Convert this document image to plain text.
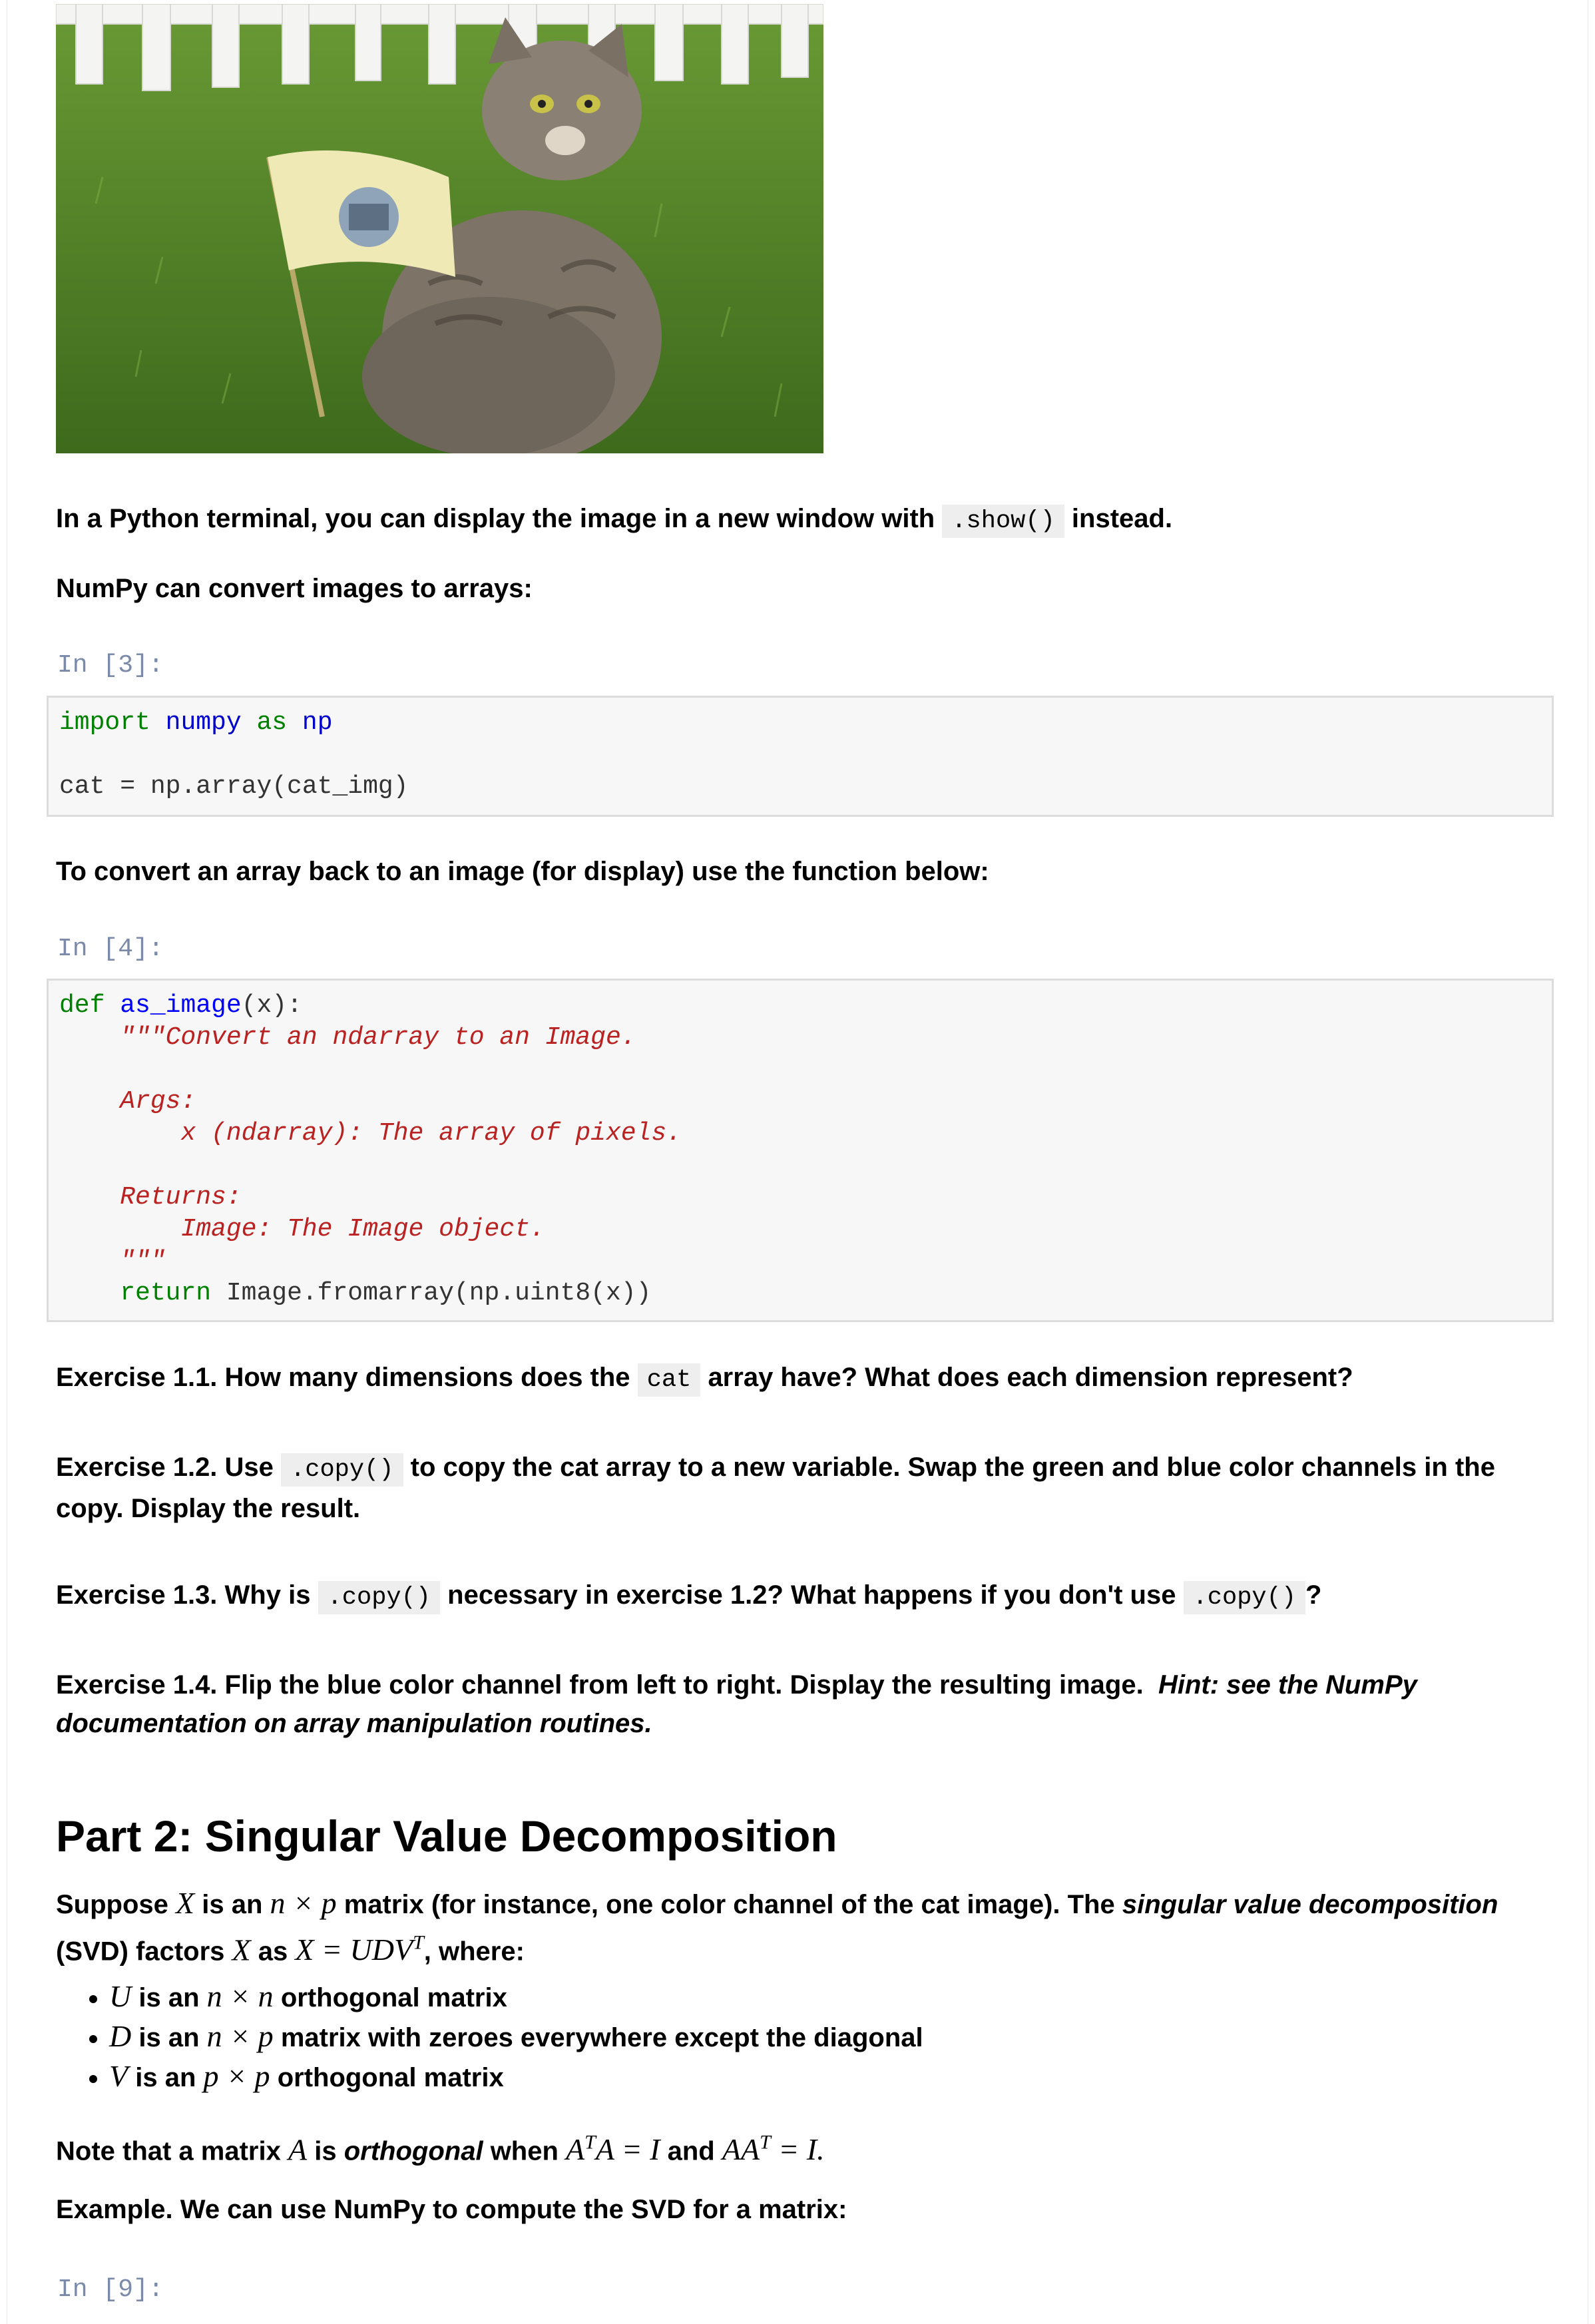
In a Python terminal, you can display the image in a new window with .show() instead.
NumPy can convert images to arrays:
In [3]:
import numpy as np

cat = np.array(cat_img)
To convert an array back to an image (for display) use the function below:
In [4]:
def as_image(x):
"""Convert an ndarray to an Image.

Args:
x (ndarray): The array of pixels.

Returns:
Image: The Image object.
"""
return Image.fromarray(np.uint8(x))
Exercise 1.1. How many dimensions does the cat array have? What does each dimension represent?
Exercise 1.2. Use .copy() to copy the cat array to a new variable. Swap the green and blue color channels in the copy. Display the result.
Exercise 1.3. Why is .copy() necessary in exercise 1.2? What happens if you don't use .copy() ?
Exercise 1.4. Flip the blue color channel from left to right. Display the resulting image. Hint: see the NumPy documentation on array manipulation routines.
Part 2: Singular Value Decomposition
Suppose X is an n × p matrix (for instance, one color channel of the cat image). The singular value decomposition (SVD) factors X as $X = UDV^T$, where:
• U is an n × n orthogonal matrix
• D is an n × p matrix with zeroes everywhere except the diagonal
• V is an p × p orthogonal matrix
Note that a matrix A is orthogonal when $A^TA = I$ and $AA^T = I$.
Example. We can use NumPy to compute the SVD for a matrix:
In [9]:
